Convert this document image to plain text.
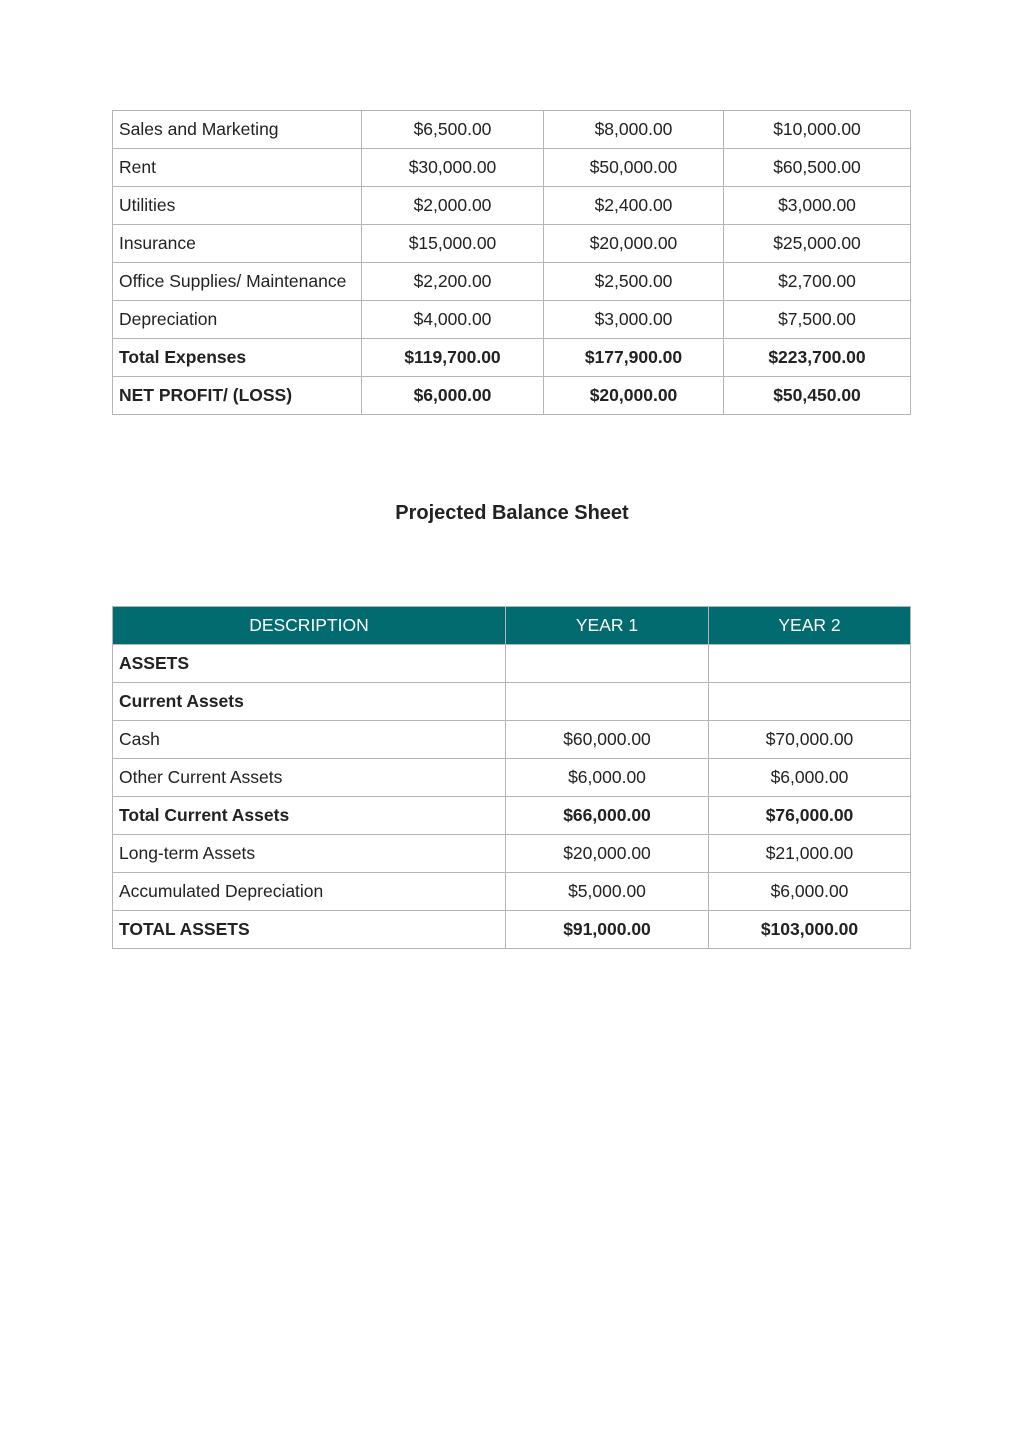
Sales and Marketing	$6,500.00	$8,000.00	$10,000.00
Rent	$30,000.00	$50,000.00	$60,500.00
Utilities	$2,000.00	$2,400.00	$3,000.00
Insurance	$15,000.00	$20,000.00	$25,000.00
Office Supplies/ Maintenance	$2,200.00	$2,500.00	$2,700.00
Depreciation	$4,000.00	$3,000.00	$7,500.00
Total Expenses	$119,700.00	$177,900.00	$223,700.00
NET PROFIT/ (LOSS)	$6,000.00	$20,000.00	$50,450.00
Projected Balance Sheet
DESCRIPTION	YEAR 1	YEAR 2
ASSETS		
Current Assets		
Cash	$60,000.00	$70,000.00
Other Current Assets	$6,000.00	$6,000.00
Total Current Assets	$66,000.00	$76,000.00
Long-term Assets	$20,000.00	$21,000.00
Accumulated Depreciation	$5,000.00	$6,000.00
TOTAL ASSETS	$91,000.00	$103,000.00
